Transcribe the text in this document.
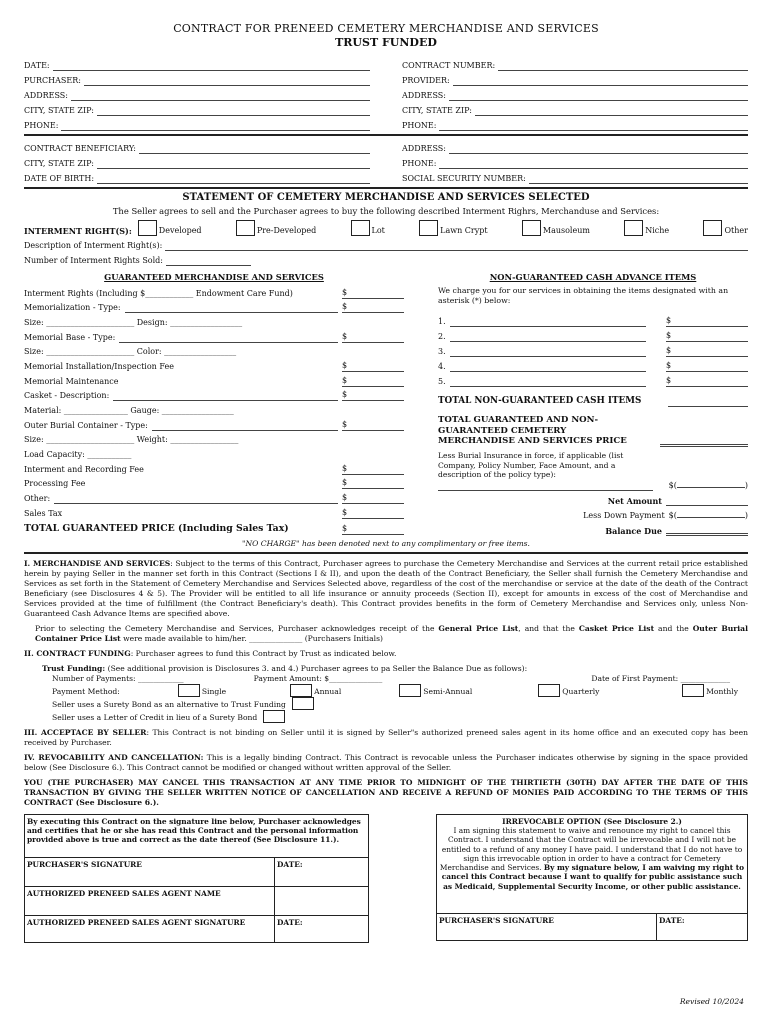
CONTRACT FOR PRENEED CEMETERY MERCHANDISE AND SERVICES
TRUST FUNDED
DATE:
PURCHASER:
ADDRESS:
CITY, STATE ZIP:
PHONE:
CONTRACT NUMBER:
PROVIDER:
ADDRESS:
CITY, STATE ZIP:
PHONE:
CONTRACT BENEFICIARY:
CITY, STATE ZIP:
DATE OF BIRTH:
ADDRESS:
PHONE:
SOCIAL SECURITY NUMBER:
STATEMENT OF CEMETERY MERCHANDISE AND SERVICES SELECTED
The Seller agrees to sell and the Purchaser agrees to buy the following described Interment Righrs, Merchanduse and Services:
INTERMENT RIGHT(S):	Developed	Pre-Developed	Lot	Lawn Crypt	Mausoleum	Niche	Other
Description of Interment Right(s):
Number of Interment Rights Sold:
GUARANTEED MERCHANDISE AND SERVICES
Interment Rights (Including $____________ Endowment Care Fund)	$
Memorialization - Type:	$
Size: ______________________ Design: __________________
Memorial Base - Type:	$
Size: ______________________ Color: __________________
Memorial Installation/Inspection Fee	$
Memorial Maintenance	$
Casket - Description:	$
Material: ________________ Gauge: __________________
Outer Burial Container - Type:	$
Size: ______________________ Weight: _________________
Load Capacity: ___________
Interment and Recording Fee	$
Processing Fee	$
Other:	$
Sales Tax	$
TOTAL GUARANTEED PRICE (Including Sales Tax)	$
NON-GUARANTEED CASH ADVANCE ITEMS
We charge you for our services in obtaining the items designated with an asterisk (*) below:
1.	$
2.	$
3.	$
4.	$
5.	$
TOTAL NON-GUARANTEED CASH ITEMS
TOTAL GUARANTEED AND NON-GUARANTEED CEMETERY MERCHANDISE AND SERVICES PRICE
Less Burial Insurance in force, if applicable (list Company, Policy Number, Face Amount, and a description of the policy type):
$(	)
Net Amount
Less Down Payment $(	)
Balance Due
"NO CHARGE" has been denoted next to any complimentary or free items.
I. MERCHANDISE AND SERVICES: Subject to the terms of this Contract, Purchaser agrees to purchase the Cemetery Merchandise and Services at the current retail price established herein by paying Seller in the manner set forth in this Contract (Sections I & II), and upon the death of the Contract Beneficiary, the Seller shall furnish the Cemetery Merchandise and Services as set forth in the Statement of Cemetery Merchandise and Services Selected above, regardless of the cost of the merchandise or service at the date of the death of the Contract Beneficiary (see Disclosures 4 & 5). The Provider will be entitled to all life insurance or annuity proceeds (Section II), except for amounts in excess of the cost of Merchandise and Services provided at the time of fulfillment (the Contract Beneficiary's death). This Contract provides benefits in the form of Cemetery Merchandise and Services only, unless Non-Guaranteed Cash Advance Items are specified above.
Prior to selecting the Cemetery Merchandise and Services, Purchaser acknowledges receipt of the General Price List, and that the Casket Price List and the Outer Burial Container Price List were made available to him/her. ______________ (Purchasers Initials)
II. CONTRACT FUNDING: Purchaser agrees to fund this Contract by Trust as indicated below.
Trust Funding: (See additional provision is Disclosures 3. and 4.) Purchaser agrees to pa Seller the Balance Due as follows):
Number of Payments: ____________	Payment Amount: $______________	Date of First Payment: _____________
Payment Method:	Single	Annual	Semi-Annual	Quarterly	Monthly
Seller uses a Surety Bond as an alternative to Trust Funding
Seller uses a Letter of Credit in lieu of a Surety Bond
III. ACCEPTACE BY SELLER: This Contract is not binding on Seller until it is signed by Seller"s authorized preneed sales agent in its home office and an executed copy has been received by Purchaser.
IV. REVOCABILITY AND CANCELLATION: This is a legally binding Contract. This Contract is revocable unless the Purchaser indicates otherwise by signing in the space provided below (See Disclosure 6.). This Contract cannot be modified or changed without written approval of the Seller.
YOU (THE PURCHASER) MAY CANCEL THIS TRANSACTION AT ANY TIME PRIOR TO MIDNIGHT OF THE THIRTIETH (30TH) DAY AFTER THE DATE OF THIS TRANSACTION BY GIVING THE SELLER WRITTEN NOTICE OF CANCELLATION AND RECEIVE A REFUND OF MONIES PAID ACCORDING TO THE TERMS OF THIS CONTRACT (See Disclosure 6.).
By executing this Contract on the signature line below, Purchaser acknowledges and certifies that he or she has read this Contract and the personal information provided above is true and correct as the date thereof (See Disclosure 11.).	
PURCHASER'S SIGNATURE	DATE:
AUTHORIZED PRENEED SALES AGENT NAME	
AUTHORIZED PRENEED SALES AGENT SIGNATURE	DATE:
IRREVOCABLE OPTION (See Disclosure 2.)
I am signing this statement to waive and renounce my right to cancel this Contract. I understand that the Contract will be irrevocable and I will not be entitled to a refund of any money I have paid. I understand that I do not have to sign this irrevocable option in order to have a contract for Cemetery Merchandise and Services. By my signature below, I am waiving my right to cancel this Contract because I want to qualify for public assistance such as Medicaid, Supplemental Security Income, or other public assistance.
PURCHASER'S SIGNATURE	DATE:
Revised 10/2024
